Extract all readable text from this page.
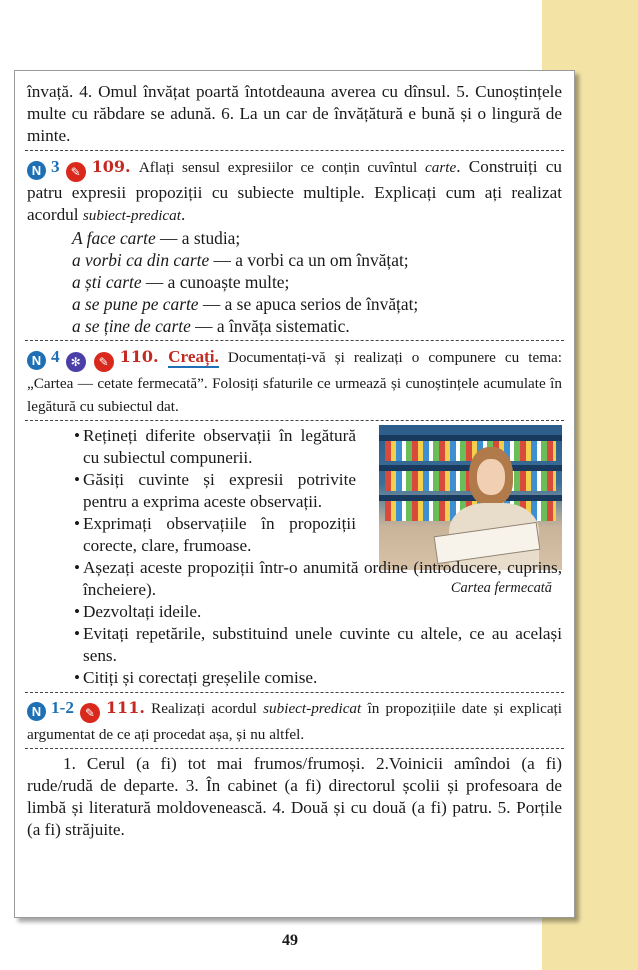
învață. 4. Omul învățat poartă întotdeauna averea cu dînsul. 5. Cunoștințele multe cu răbdare se adună. 6. La un car de învățătură e bună și o lingură de minte.

N 3 ✎ 109. Aflați sensul expresiilor ce conțin cuvîntul carte. Construiți cu patru expresii propoziții cu subiecte multiple. Explicați cum ați realizat acordul subiect-predicat.

A face carte — a studia;
a vorbi ca din carte — a vorbi ca un om învățat;
a ști carte — a cunoaște multe;
a se pune pe carte — a se apuca serios de învățat;
a se ține de carte — a învăța sistematic.

N 4 ✻ ✎ 110. Creați. Documentați-vă și realizați o compunere cu tema: „Cartea — cetate fermecată”. Folosiți sfaturile ce urmează și cunoștințele acumulate în legătură cu subiectul dat.

Cartea fermecată
• Rețineți diferite observații în legătură cu subiectul compunerii.
• Găsiți cuvinte și expresii potrivite pentru a exprima aceste observații.
• Exprimați observațiile în propoziții corecte, clare, frumoase.
• Așezați aceste propoziții într-o anumită ordine (introducere, cuprins, încheiere).
• Dezvoltați ideile.
• Evitați repetările, substituind unele cuvinte cu altele, ce au același sens.
• Citiți și corectați greșelile comise.

N 1-2 ✎ 111. Realizați acordul subiect-predicat în propozițiile date și explicați argumentat de ce ați procedat așa, și nu altfel.

1. Cerul (a fi) tot mai frumos/frumoși. 2.Voinicii amîndoi (a fi) rude/rudă de departe. 3. În cabinet (a fi) directorul școlii și profesoara de limbă și literatură moldovenească. 4. Două și cu două (a fi) patru. 5. Porțile (a fi) străjuite.

49
